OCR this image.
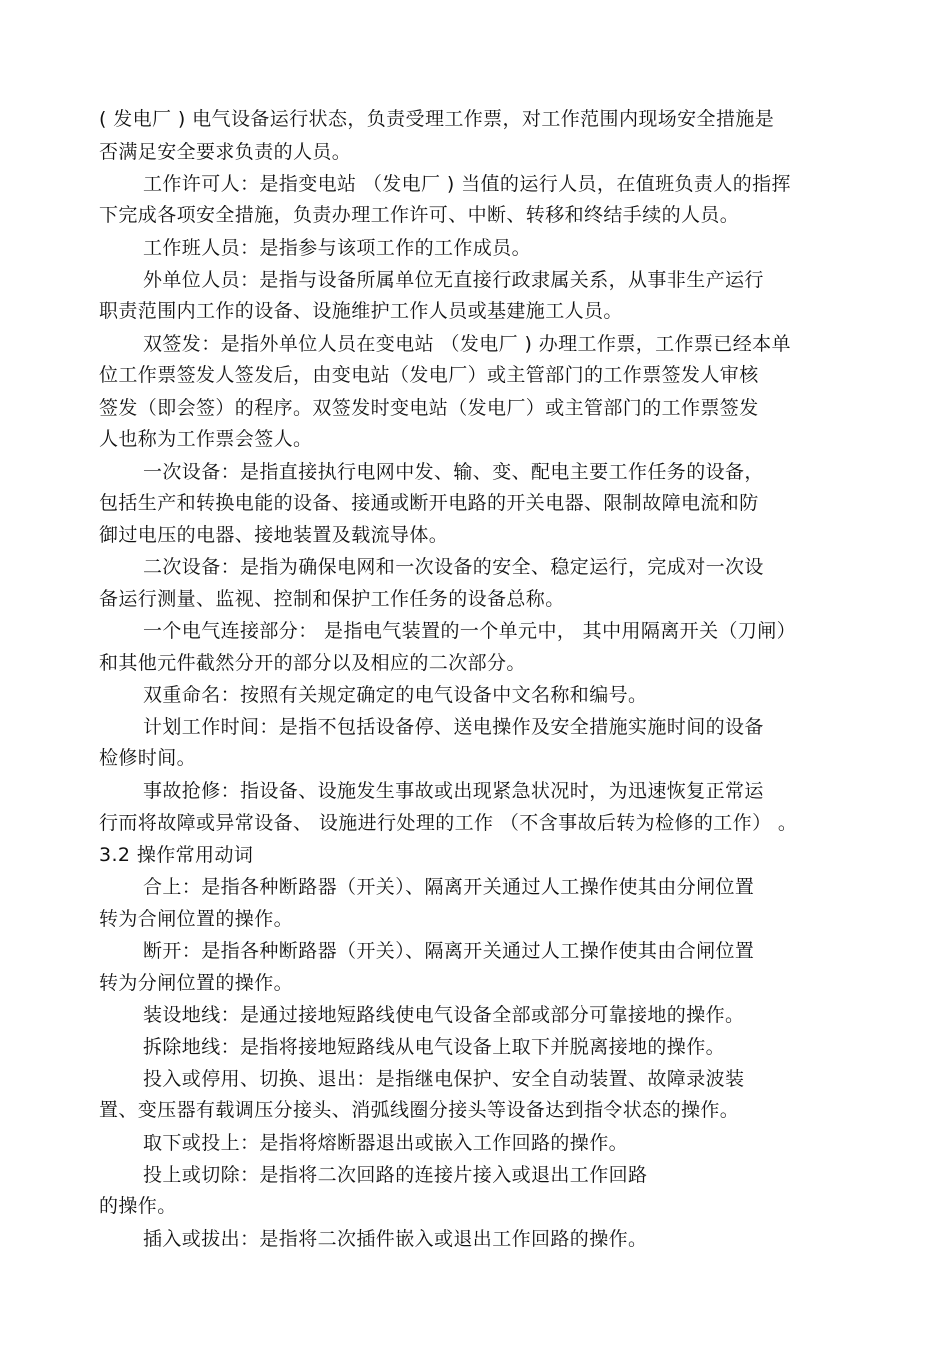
( 发电厂 ) 电气设备运行状态，负责受理工作票，对工作范围内现场安全措施是
否满足安全要求负责的人员。
工作许可人：是指变电站 （发电厂 ) 当值的运行人员，在值班负责人的指挥
下完成各项安全措施，负责办理工作许可、中断、转移和终结手续的人员。
工作班人员：是指参与该项工作的工作成员。
外单位人员：是指与设备所属单位无直接行政隶属关系，从事非生产运行
职责范围内工作的设备、设施维护工作人员或基建施工人员。
双签发：是指外单位人员在变电站 （发电厂 ) 办理工作票，工作票已经本单
位工作票签发人签发后，由变电站（发电厂）或主管部门的工作票签发人审核
签发（即会签）的程序。双签发时变电站（发电厂）或主管部门的工作票签发
人也称为工作票会签人。
一次设备：是指直接执行电网中发、输、变、配电主要工作任务的设备，
包括生产和转换电能的设备、接通或断开电路的开关电器、限制故障电流和防
御过电压的电器、接地装置及载流导体。
二次设备：是指为确保电网和一次设备的安全、稳定运行，完成对一次设
备运行测量、监视、控制和保护工作任务的设备总称。
一个电气连接部分： 是指电气装置的一个单元中， 其中用隔离开关（刀闸）
和其他元件截然分开的部分以及相应的二次部分。
双重命名：按照有关规定确定的电气设备中文名称和编号。
计划工作时间：是指不包括设备停、送电操作及安全措施实施时间的设备
检修时间。
事故抢修：指设备、设施发生事故或出现紧急状况时，为迅速恢复正常运
行而将故障或异常设备、 设施进行处理的工作 （不含事故后转为检修的工作） 。
3.2 操作常用动词
合上：是指各种断路器（开关）、隔离开关通过人工操作使其由分闸位置
转为合闸位置的操作。
断开：是指各种断路器（开关）、隔离开关通过人工操作使其由合闸位置
转为分闸位置的操作。
装设地线：是通过接地短路线使电气设备全部或部分可靠接地的操作。
拆除地线：是指将接地短路线从电气设备上取下并脱离接地的操作。
投入或停用、切换、退出：是指继电保护、安全自动装置、故障录波装
置、变压器有载调压分接头、消弧线圈分接头等设备达到指令状态的操作。
取下或投上：是指将熔断器退出或嵌入工作回路的操作。
投上或切除：是指将二次回路的连接片接入或退出工作回路
的操作。
插入或拔出：是指将二次插件嵌入或退出工作回路的操作。
